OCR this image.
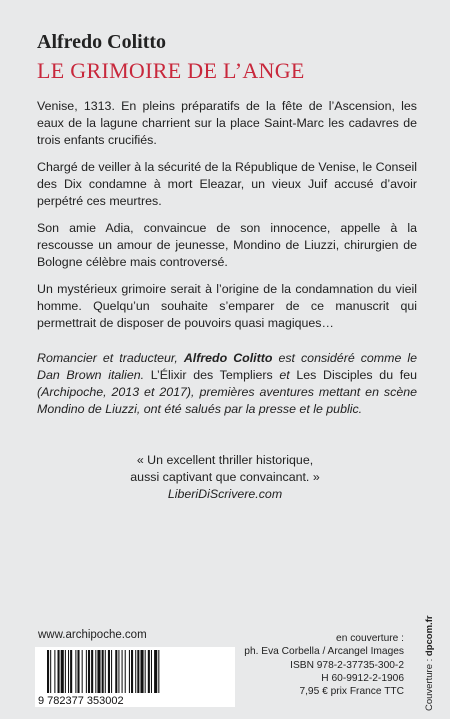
Alfredo Colitto
LE GRIMOIRE DE L’ANGE

Venise, 1313. En pleins préparatifs de la fête de l’Ascension, les eaux de la lagune charrient sur la place Saint-Marc les cadavres de trois enfants crucifiés.

Chargé de veiller à la sécurité de la République de Venise, le Conseil des Dix condamne à mort Eleazar, un vieux Juif accusé d’avoir perpétré ces meurtres.

Son amie Adia, convaincue de son innocence, appelle à la rescousse un amour de jeunesse, Mondino de Liuzzi, chirurgien de Bologne célèbre mais controversé.

Un mystérieux grimoire serait à l’origine de la condamnation du vieil homme. Quelqu’un souhaite s’emparer de ce manuscrit qui permettrait de disposer de pouvoirs quasi magiques…

Romancier et traducteur, Alfredo Colitto est considéré comme le Dan Brown italien. L’Élixir des Templiers et Les Disciples du feu (Archipoche, 2013 et 2017), premières aventures mettant en scène Mondino de Liuzzi, ont été salués par la presse et le public.
« Un excellent thriller historique,
aussi captivant que convaincant. »
LiberiDiScrivere.com
www.archipoche.com
9 782377 353002
en couverture :
ph. Eva Corbella / Arcangel Images
ISBN 978-2-37735-300-2
H 60-9912-2-1906
7,95 € prix France TTC Couverture : dpcom.fr
